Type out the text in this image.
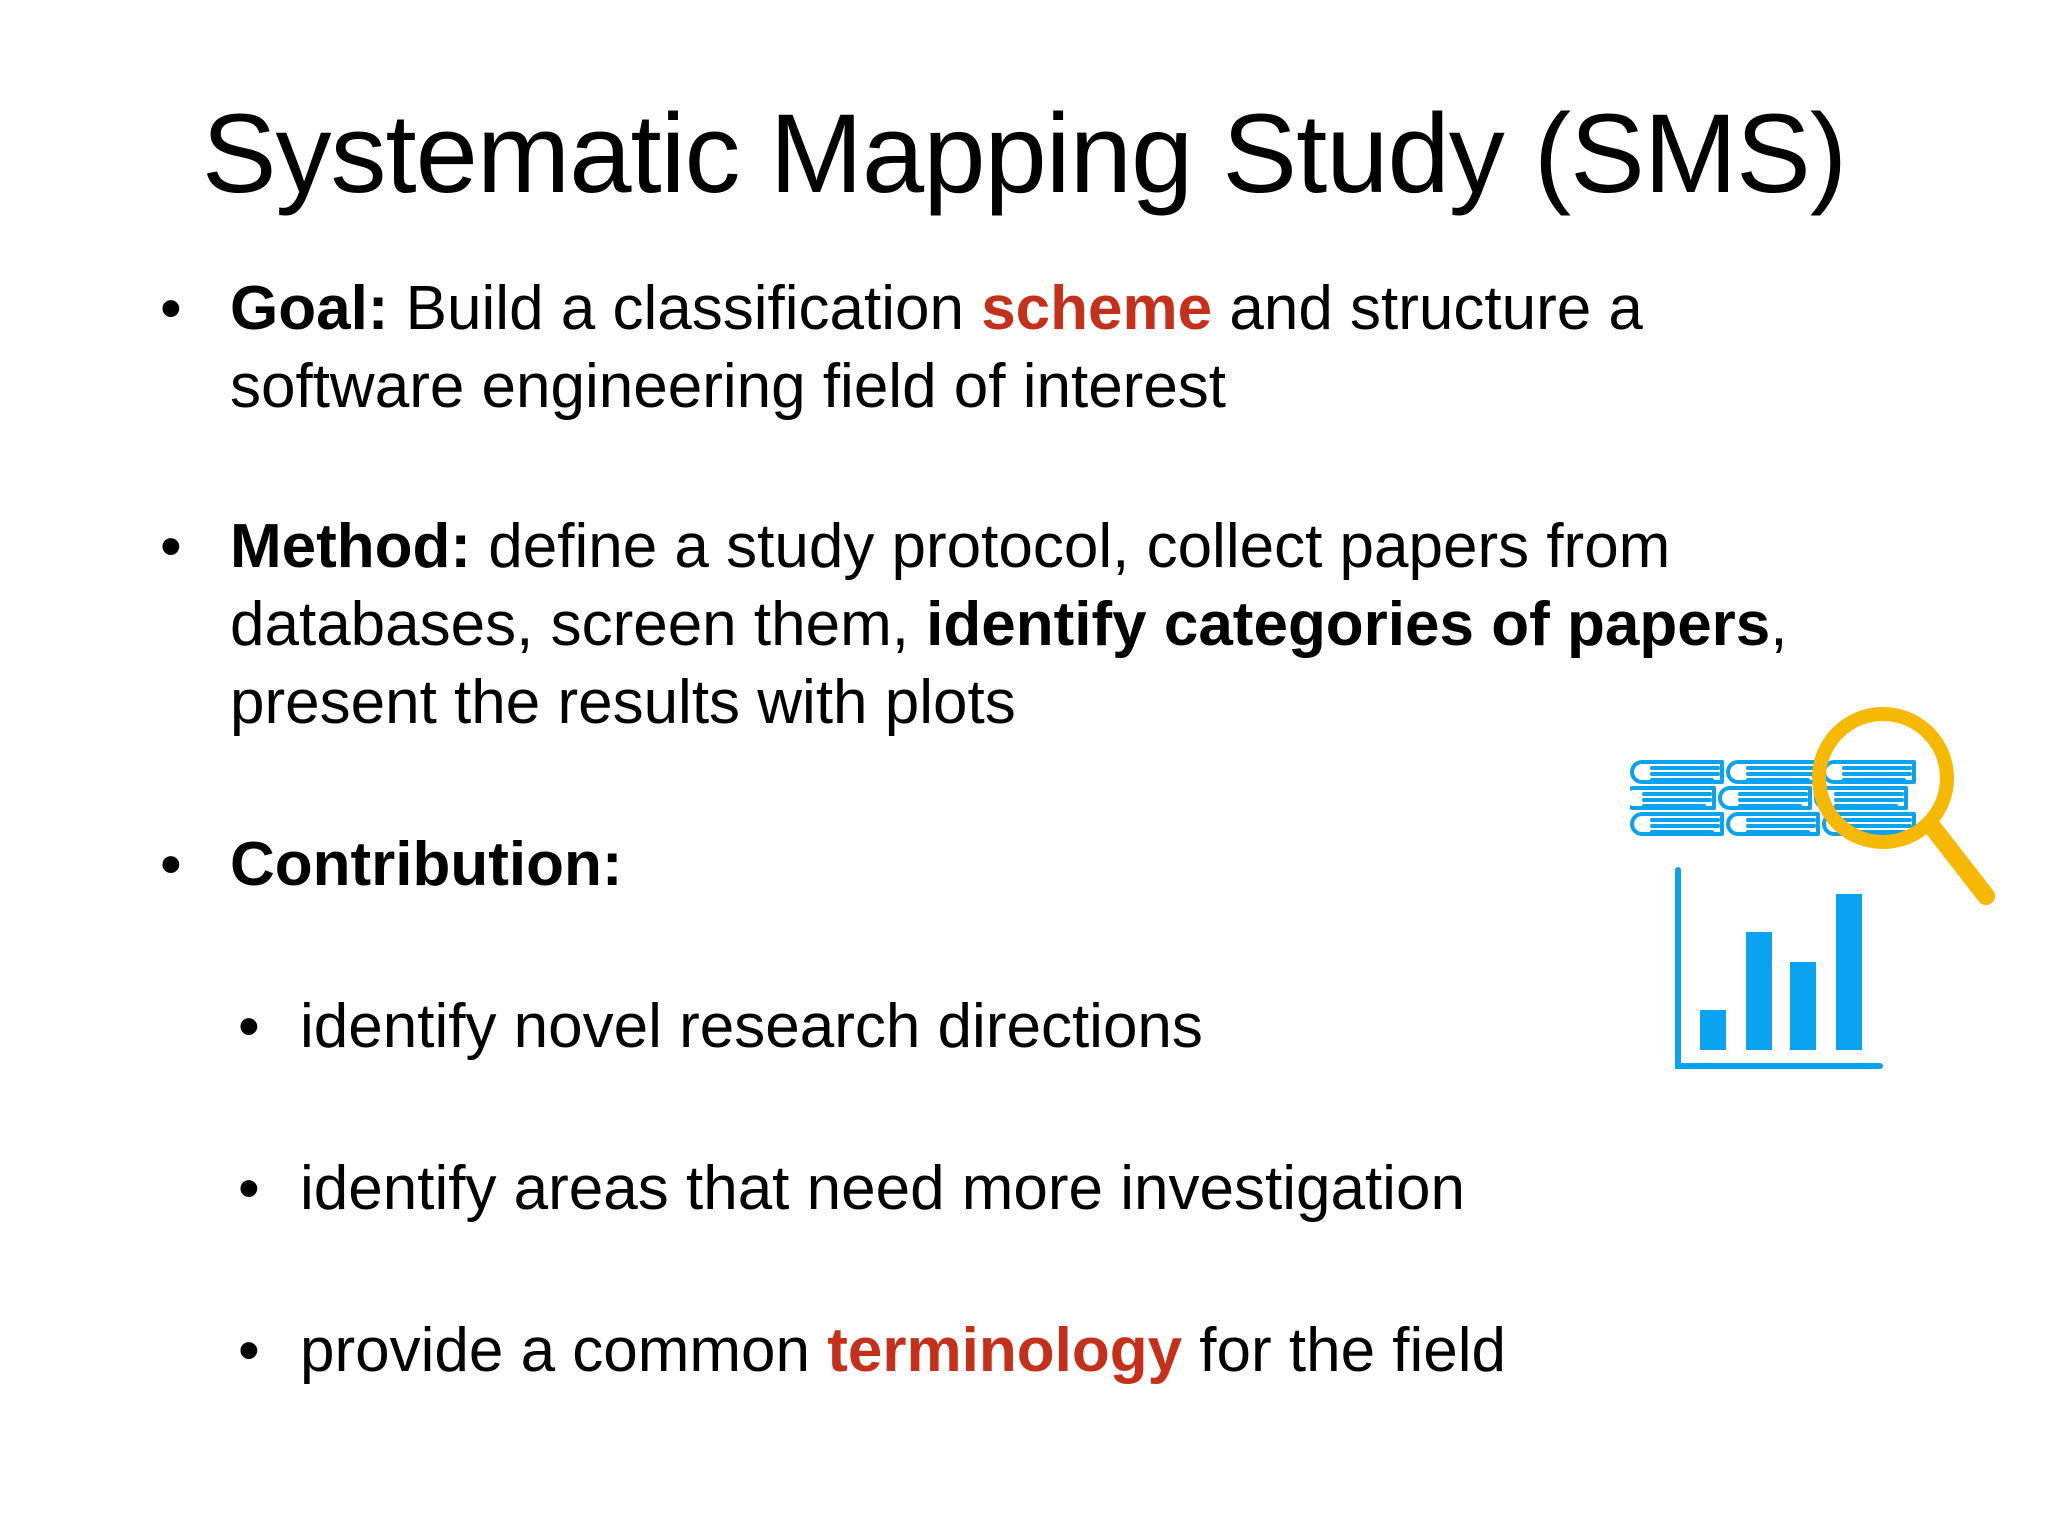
Systematic Mapping Study (SMS)
• Goal: Build a classification scheme and structure a software engineering field of interest
• Method: define a study protocol, collect papers from databases, screen them, identify categories of papers, present the results with plots
• Contribution:
• identify novel research directions
• identify areas that need more investigation
• provide a common terminology for the field
